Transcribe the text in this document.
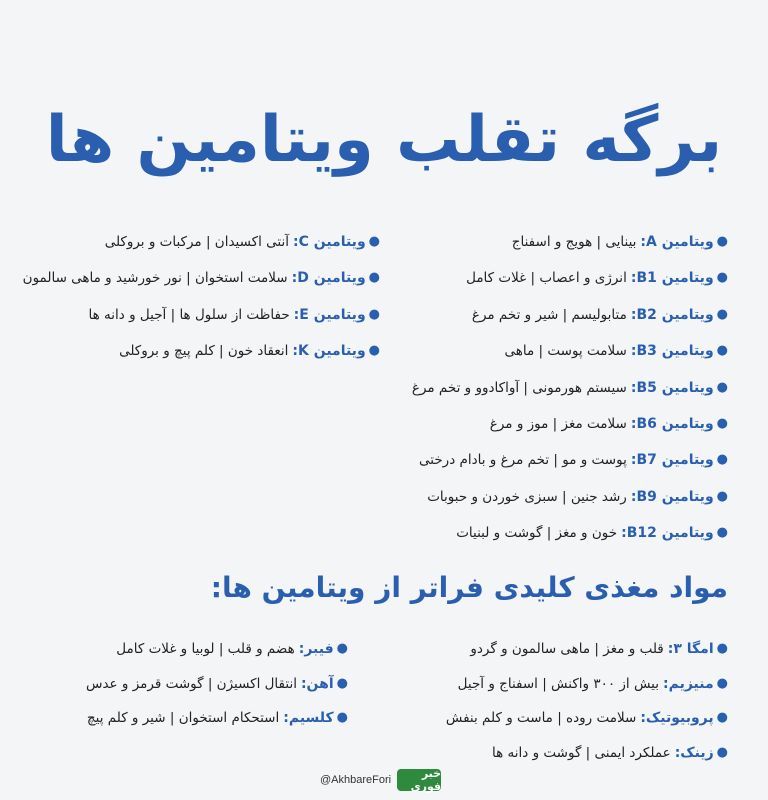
برگه تقلب ویتامین ها
●
ویتامین A:
بینایی | هویج و اسفناج
●
ویتامین B1:
انرژی و اعصاب | غلات کامل
●
ویتامین B2:
متابولیسم | شیر و تخم مرغ
●
ویتامین B3:
سلامت پوست | ماهی
●
ویتامین B5:
سیستم هورمونی | آواکادوو و تخم مرغ
●
ویتامین B6:
سلامت مغز | موز و مرغ
●
ویتامین B7:
پوست و مو | تخم مرغ و بادام درختی
●
ویتامین B9:
رشد جنین | سبزی خوردن و حبوبات
●
ویتامین B12:
خون و مغز | گوشت و لبنیات
●
ویتامین C:
آنتی اکسیدان | مرکبات و بروکلی
●
ویتامین D:
سلامت استخوان | نور خورشید و ماهی سالمون
●
ویتامین E:
حفاظت از سلول ها | آجیل و دانه ها
●
ویتامین K:
انعقاد خون | کلم پیچ و بروکلی
مواد مغذی کلیدی فراتر از ویتامین ها:
●
امگا ۳:
قلب و مغز | ماهی سالمون و گردو
●
منیزیم:
بیش از ۳۰۰ واکنش | اسفناج و آجیل
●
پروبیوتیک:
سلامت روده | ماست و کلم بنفش
●
زینک:
عملکرد ایمنی | گوشت و دانه ها
●
فیبر:
هضم و قلب | لوبیا و غلات کامل
●
آهن:
انتقال اکسیژن | گوشت قرمز و عدس
●
کلسیم:
استحکام استخوان | شیر و کلم پیچ
@AkhbareFori	خبر فوری
